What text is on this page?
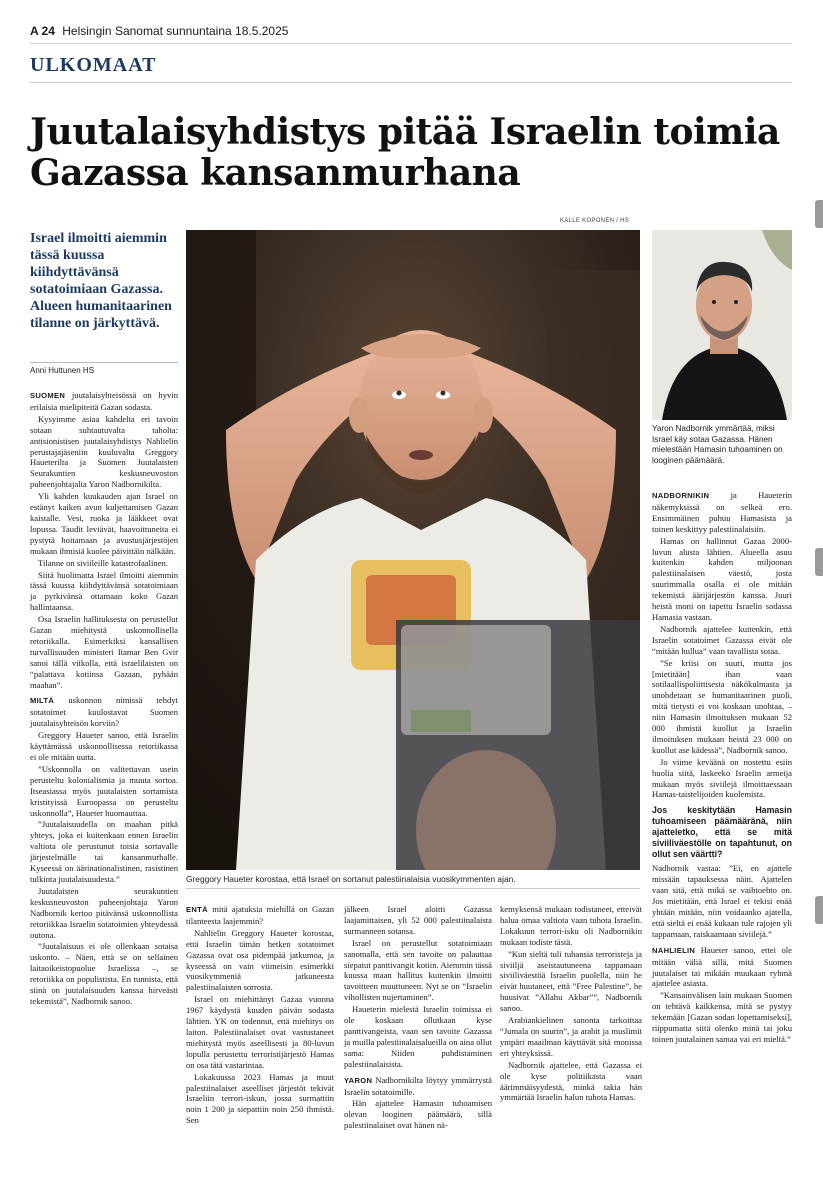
A 24 Helsingin Sanomat sunnuntaina 18.5.2025
ULKOMAAT
Juutalaisyhdistys pitää Israelin toimia Gazassa kansanmurhana
KALLE KOPONEN / HS
Israel ilmoitti aiemmin tässä kuussa kiihdyttävänsä sotatoimiaan Gazassa. Alueen humanitaarinen tilanne on järkyttävä.
Anni Huttunen HS

SUOMEN juutalaisyhteisössä on hyvin erilaisia mielipiteitä Gazan sodasta.

Kysyimme asiaa kahdelta eri tavoin sotaan suhtautuvalta taholta: antisionistisen juutalaisyhdistys Nahlielin perustajajäseniin kuuluvalta Greggory Haueterilta ja Suomen Juutalaisten Seurakuntien keskusneuvoston puheenjohtajalta Yaron Nadbornikilta.

Yli kahden kuukauden ajan Israel on estänyt kaiken avun kuljettamisen Gazan kaistalle. Vesi, ruoka ja lääkkeet ovat lopussa. Taudit leviävät, haavoittuneita ei pystytä hoitamaan ja avustusjärjestöjen mukaan ihmisiä kuolee päivittäin nälkään.

Tilanne on siviileille katastrofaalinen.

Siitä huolimatta Israel ilmoitti aiemmin tässä kuussa kiihdyttävänsä sotatoimiaan ja pyrkivänsä ottamaan koko Gazan hallintaansa.

Osa Israelin hallituksesta on perustellut Gazan miehitystä uskonnollisella retoriikalla. Esimerkiksi kansallisen turvallisuuden ministeri Itamar Ben Gvir sanoi tällä viikolla, että israelilaisten on “palattava kotiinsa Gazaan, pyhään maahan”.

MILTÄ uskonnon nimissä tehdyt sotatoimet kuulostavat Suomen juutalaisyhteisön korviin?

Greggory Haueter sanoo, että Israelin käyttämässä uskonnollisessa retoriikassa ei ole mitään uutta.

”Uskonnolla on valitettavan usein perusteltu kolonialismia ja muuta sortoa. Itseasiassa myös juutalaisten sortamista kristityissä Euroopassa on perusteltu uskonnolla”, Haueter huomauttaa.

”Juutalaisuudella on maahan pitkä yhteys, joka ei kuitenkaan ennen Israelin valtiota ole perustunut toisia sortavalle järjestelmälle tai kansanmurhalle. Kyseessä on äärinationalistinen, rasistinen tulkinta juutalaisuudesta.”

Juutalaisten seurakuntien keskusneuvoston puheenjohtaja Yaron Nadbornik kertoo pitävänsä uskonnollista retoriikkaa Israelin sotatoimien yhteydessä outona.

”Juutalaisuus ei ole ollenkaan sotaisa uskonto. – Näen, että se on sellainen laitaoikeistopuolue Israelissa –, se retoriikka on populistista. En tunnista, että siinä on juutalaisuuden kanssa hirveästi tekemistä”, Nadbornik sanoo.

Greggory Haueter korostaa, että Israel on sortanut palestiinalaisia vuosikymmenten ajan.
Yaron Nadbornik ymmärtää, miksi Israel käy sotaa Gazassa. Hänen mielestään Hamasin tuhoaminen on looginen päämäärä.

ENTÄ mitä ajatuksia miehillä on Gazan tilanteesta laajemmin?

Nahlielin Greggory Haueter korostaa, että Israelin tämän hetken sotatoimet Gazassa ovat osa pidempää jatkumoa, ja kyseessä on vain viimeisin esimerkki vuosikymmeniä jatkuneesta palestiinalaisten sorrosta.

Israel on miehittänyt Gazaa vuonna 1967 käydystä kuuden päivän sodasta lähtien. YK on todennut, että miehitys on laiton. Palestiinalaiset ovat vastustaneet miehitystä myös aseellisesti ja 80-luvun lopulla perustettu terroristijärjestö Hamas on osa tätä vastarintaa.

Lokakuussa 2023 Hamas ja muut palestiinalaiset aseelliset järjestöt tekivät Israeliin terrori-iskun, jossa surmattiin noin 1 200 ja siepattiin noin 250 ihmistä. Sen

jälkeen Israel aloitti Gazassa laajamittaisen, yli 52 000 palestiinalaista surmanneen sotansa.

Israel on perustellut sotatoimiaan sanomalla, että sen tavoite on palauttaa siepatut panttivangit kotiin. Aiemmin tässä kuussa maan hallitus kuitenkin ilmoitti tavoitteen muuttuneen. Nyt se on “Israelin vihollisten nujertaminen”.

Haueterin mielestä Israelin toimissa ei ole koskaan ollutkaan kyse panttivangeista, vaan sen tavoite Gazassa ja muilla palestiinalaisalueilla on aina ollut sama: Niiden puhdistaminen palestiinalaisista.

YARON Nadbornikilta löytyy ymmärrystä Israelin sotatoimille.

Hän ajattelee Hamasin tuhoamisen olevan looginen päämäärä, sillä palestiinalaiset ovat hänen nä-

kemyksensä mukaan todistaneet, etteivät halua omaa valtiota vaan tuhota Israelin. Lokakuun terrori-isku oli Nadbornikin mukaan todiste tästä.

”Kun sieltä tuli tuhansia terroristeja ja siviiljä aseistautuneena tappamaan siviiliväestöä Israelin puolella, niin he eivät huutaneet, että ”Free Palestine”, he huusivat ”Allahu Akbar””, Nadbornik sanoo.

Arabiankielinen sanonta tarkoittaa “Jumala on suurin”, ja arabit ja muslimit ympäri maailman käyttävät sitä monissa eri yhteyksissä.

Nadbornik ajattelee, että Gazassa ei ole kyse politiikasta vaan äärimmäisyydestä, minkä takia hän ymmärtää Israelin halun tuhota Hamas.

NADBORNIKIN ja Haueterin näkemyksissä on selkeä ero. Ensimmäinen puhuu Hamasista ja toinen keskittyy palestiinalaisiin.

Hamas on hallinnut Gazaa 2000-luvun alusta lähtien. Alueella asuu kuitenkin kahden miljoonan palestiinalaisen väestö, josta suurimmalla osalla ei ole mitään tekemistä äärijärjestön kanssa. Juuri heistä moni on tapettu Israelin sodassa Hamasia vastaan.

Nadbornik ajattelee kuitenkin, että Israelin sotatoimet Gazassa eivät ole “mitään hullua” vaan tavallista sotaa.

”Se kriisi on suuri, mutta jos [mietitään] ihan vaan sotilaallispoliittisesta näkökulmasta ja unohdetaan se humanitaarinen puoli, mitä tietysti ei voi koskaan unohtaa, – niin Hamasin ilmoituksen mukaan 52 000 ihmistä kuollut ja Israelin ilmoituksen mukaan heistä 23 000 on kuollut ase kädessä”, Nadbornik sanoo.

Jo viime keväänä on nostettu esiin huolia siitä, laskeeko Israelin armeija mukaan myös siviilejä ilmoittaessaan Hamas-taistelijoiden kuolemista.

Jos keskitytään Hamasin tuhoamiseen päämääränä, niin ajatteletko, että se mitä siviiliväestölle on tapahtunut, on ollut sen väärtti?

Nadbornik vastaa: ”Ei, en ajattele missään tapauksessa näin. Ajattelen vaan sitä, että mikä se vaihtoehto on. Jos mietitään, että Israel ei tekisi enää yhtään mitään, niin voidaanko ajatella, että sieltä ei enää kukaan tule rajojen yli tappamaan, raiskaamaan siviilejä.”

NAHLIELIN Haueter sanoo, ettei ole mitään väliä sillä, mitä Suomen juutalaiset tai mikään muukaan ryhmä ajattelee asiasta.

”Kansainvälisen lain mukaan Suomen on tehtävä kaikkensa, mitä se pystyy tekemään [Gazan sodan lopettamiseksi], riippumatta siitä olenko minä tai joku toinen juutalainen samaa vai eri mieltä.”
